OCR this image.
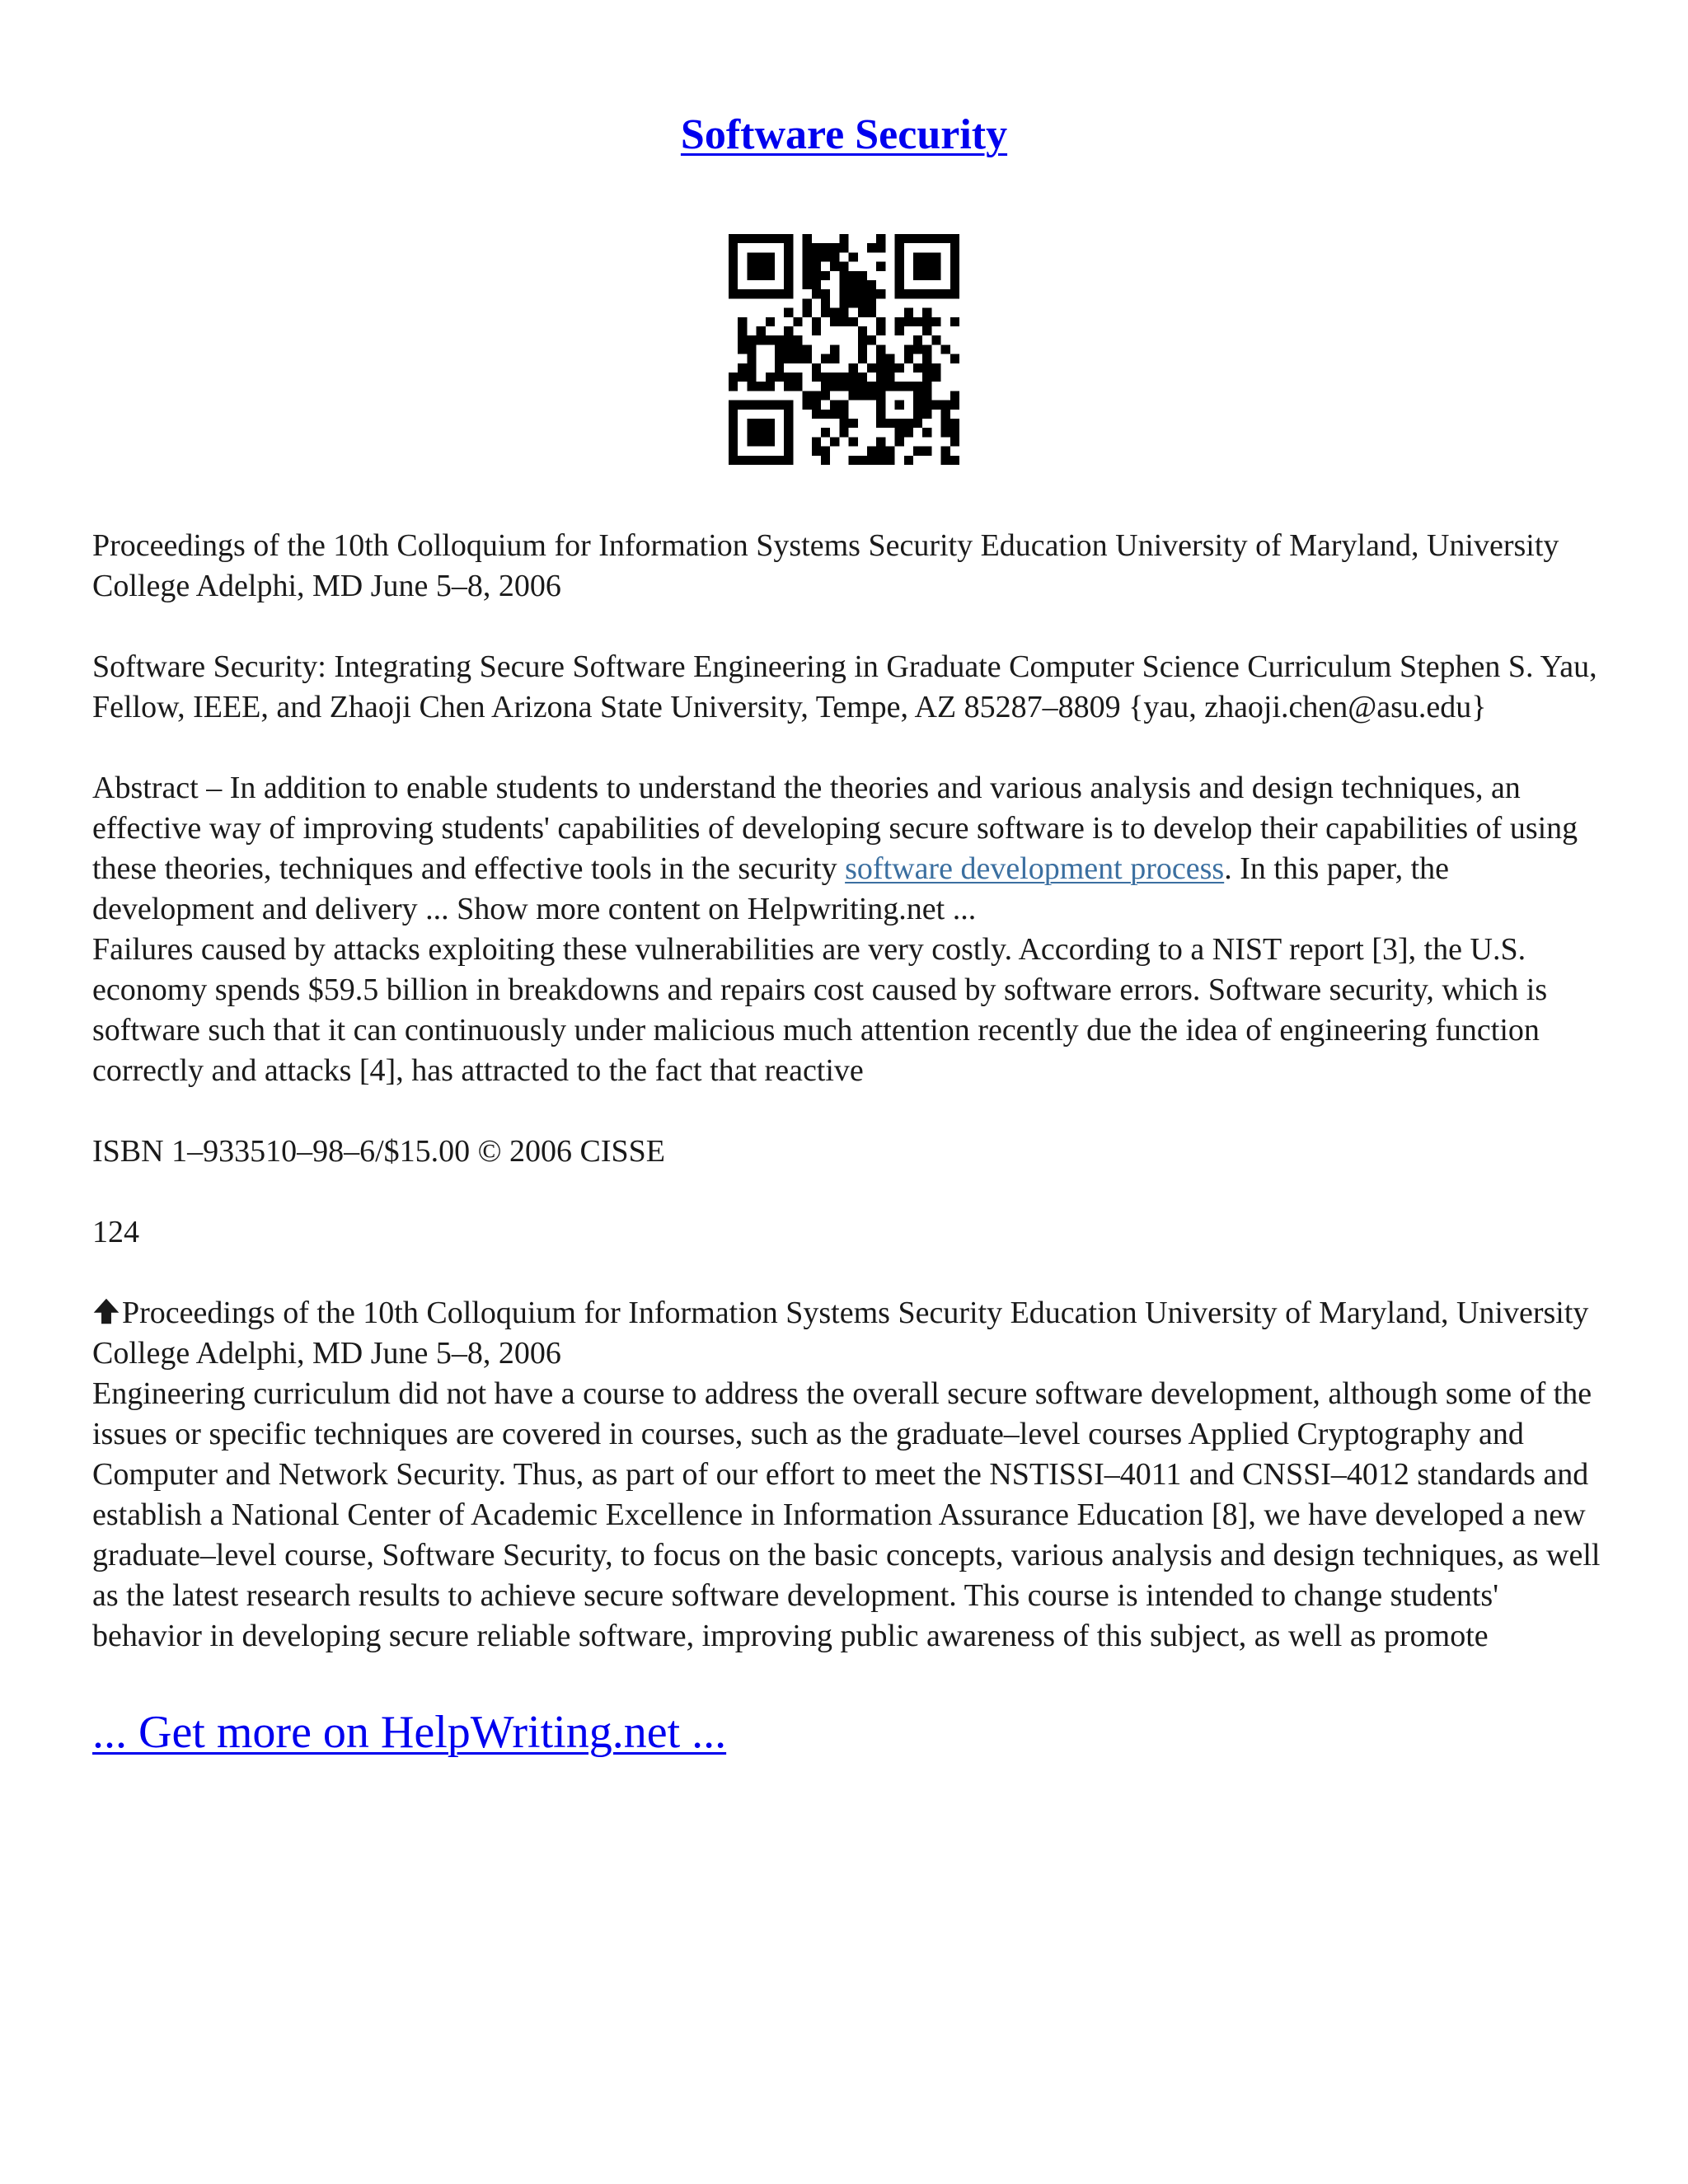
Software Security

Proceedings of the 10th Colloquium for Information Systems Security Education University of Maryland, University College Adelphi, MD June 5–8, 2006

Software Security: Integrating Secure Software Engineering in Graduate Computer Science Curriculum Stephen S. Yau, Fellow, IEEE, and Zhaoji Chen Arizona State University, Tempe, AZ 85287–8809 {yau, zhaoji.chen@asu.edu}

Abstract – In addition to enable students to understand the theories and various analysis and design techniques, an effective way of improving students' capabilities of developing secure software is to develop their capabilities of using these theories, techniques and effective tools in the security software development process. In this paper, the development and delivery ... Show more content on Helpwriting.net ...

Failures caused by attacks exploiting these vulnerabilities are very costly. According to a NIST report [3], the U.S. economy spends $59.5 billion in breakdowns and repairs cost caused by software errors. Software security, which is software such that it can continuously under malicious much attention recently due the idea of engineering function correctly and attacks [4], has attracted to the fact that reactive

ISBN 1–933510–98–6/$15.00 © 2006 CISSE

124

Proceedings of the 10th Colloquium for Information Systems Security Education University of Maryland, University College Adelphi, MD June 5–8, 2006

Engineering curriculum did not have a course to address the overall secure software development, although some of the issues or specific techniques are covered in courses, such as the graduate–level courses Applied Cryptography and Computer and Network Security. Thus, as part of our effort to meet the NSTISSI–4011 and CNSSI–4012 standards and establish a National Center of Academic Excellence in Information Assurance Education [8], we have developed a new graduate–level course, Software Security, to focus on the basic concepts, various analysis and design techniques, as well as the latest research results to achieve secure software development. This course is intended to change students' behavior in developing secure reliable software, improving public awareness of this subject, as well as promote

... Get more on HelpWriting.net ...
